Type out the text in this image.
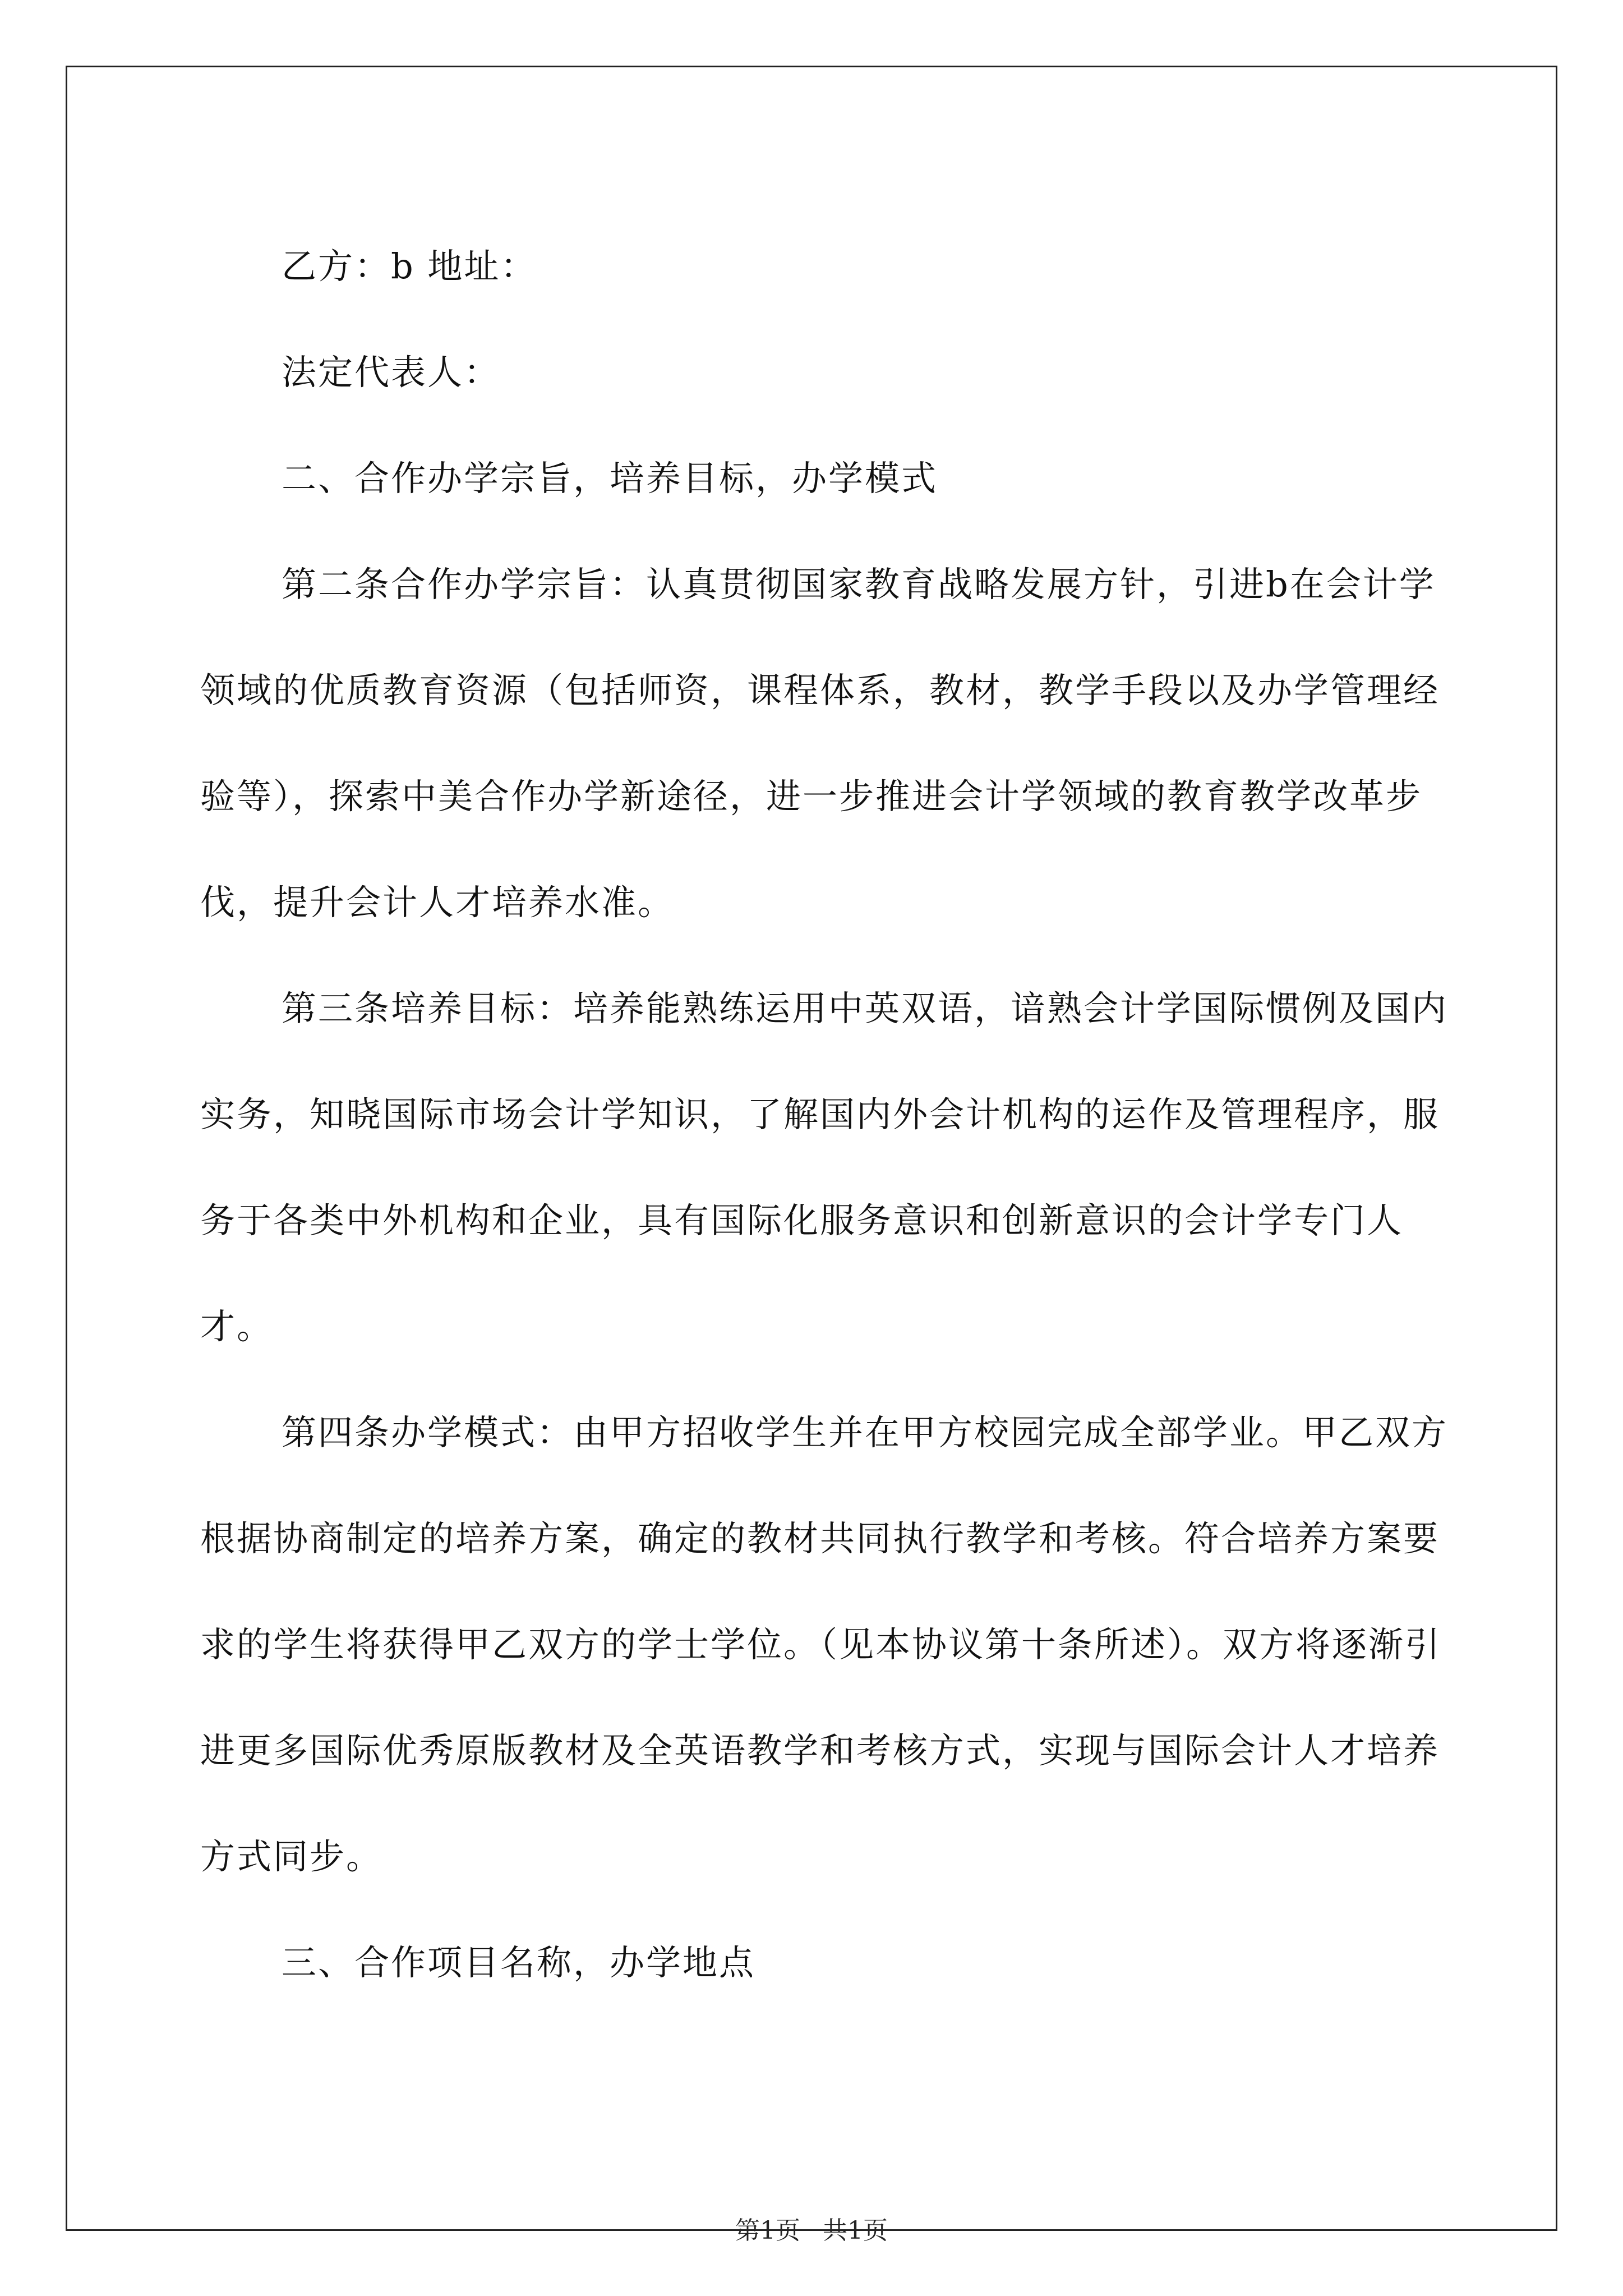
乙方：b 地址：

法定代表人：

二、合作办学宗旨，培养目标，办学模式

第二条合作办学宗旨：认真贯彻国家教育战略发展方针，引进b在会计学领域的优质教育资源（包括师资，课程体系，教材，教学手段以及办学管理经验等），探索中美合作办学新途径，进一步推进会计学领域的教育教学改革步伐，提升会计人才培养水准。

第三条培养目标：培养能熟练运用中英双语，谙熟会计学国际惯例及国内实务，知晓国际市场会计学知识，了解国内外会计机构的运作及管理程序，服务于各类中外机构和企业，具有国际化服务意识和创新意识的会计学专门人才。

第四条办学模式：由甲方招收学生并在甲方校园完成全部学业。甲乙双方根据协商制定的培养方案，确定的教材共同执行教学和考核。符合培养方案要求的学生将获得甲乙双方的学士学位。（见本协议第十条所述）。双方将逐渐引进更多国际优秀原版教材及全英语教学和考核方式，实现与国际会计人才培养方式同步。

三、合作项目名称，办学地点

第1页 共1页
